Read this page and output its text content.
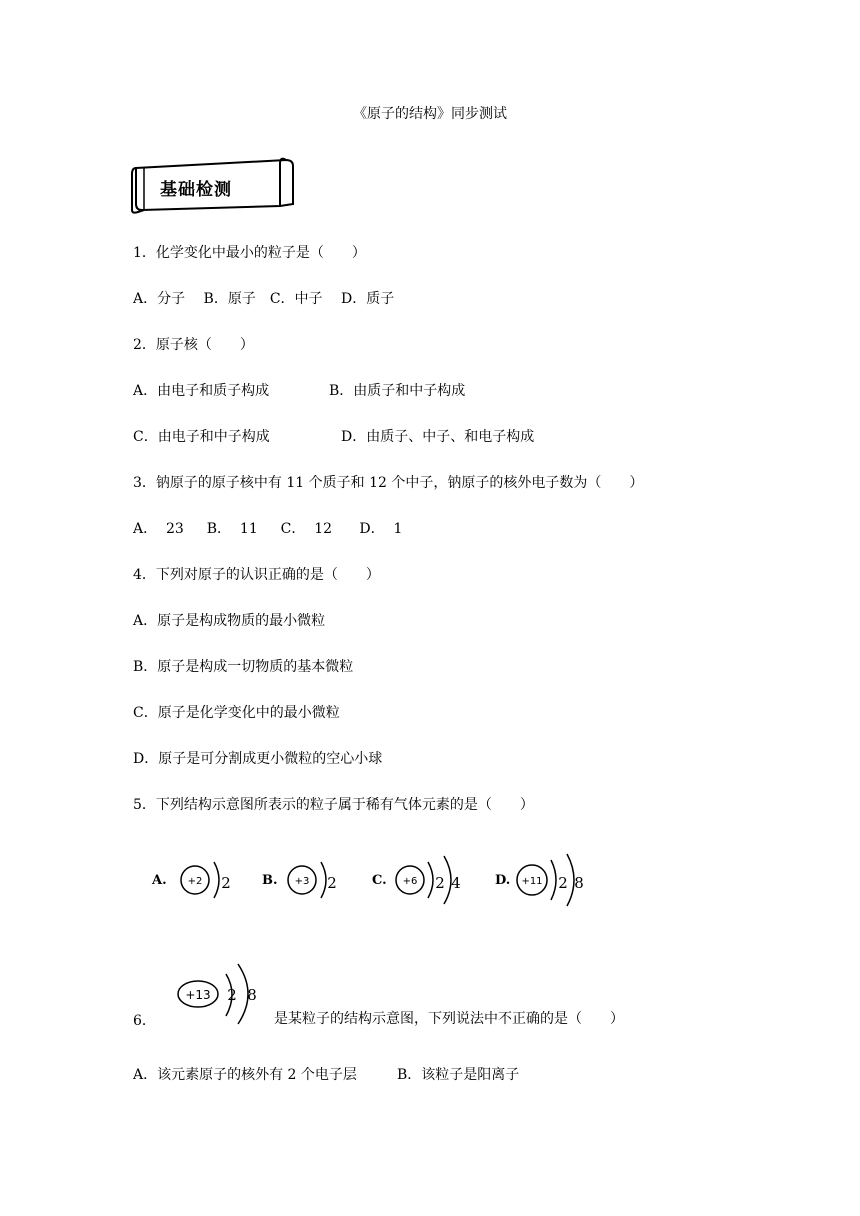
《原子的结构》同步测试
基础检测
1．化学变化中最小的粒子是（　　）
A．分子　 B．原子　C．中子　 D．质子
2．原子核（　　）
A．由电子和质子构成	B．由质子和中子构成
C．由电子和中子构成	D．由质子、中子、和电子构成
3．钠原子的原子核中有 11 个质子和 12 个中子，钠原子的核外电子数为（　　）
A．  23　  B．  11　  C．  12　   D．  1
4．下列对原子的认识正确的是（　　）
A．原子是构成物质的最小微粒
B．原子是构成一切物质的基本微粒
C．原子是化学变化中的最小微粒
D．原子是可分割成更小微粒的空心小球
5．下列结构示意图所表示的粒子属于稀有气体元素的是（　　）
A. +2 2 B. +3 2	C. +6 2 4	D. +11 2 8
6．
+13 2 8
是某粒子的结构示意图，下列说法中不正确的是（　　）
A．该元素原子的核外有 2 个电子层	B．该粒子是阳离子
